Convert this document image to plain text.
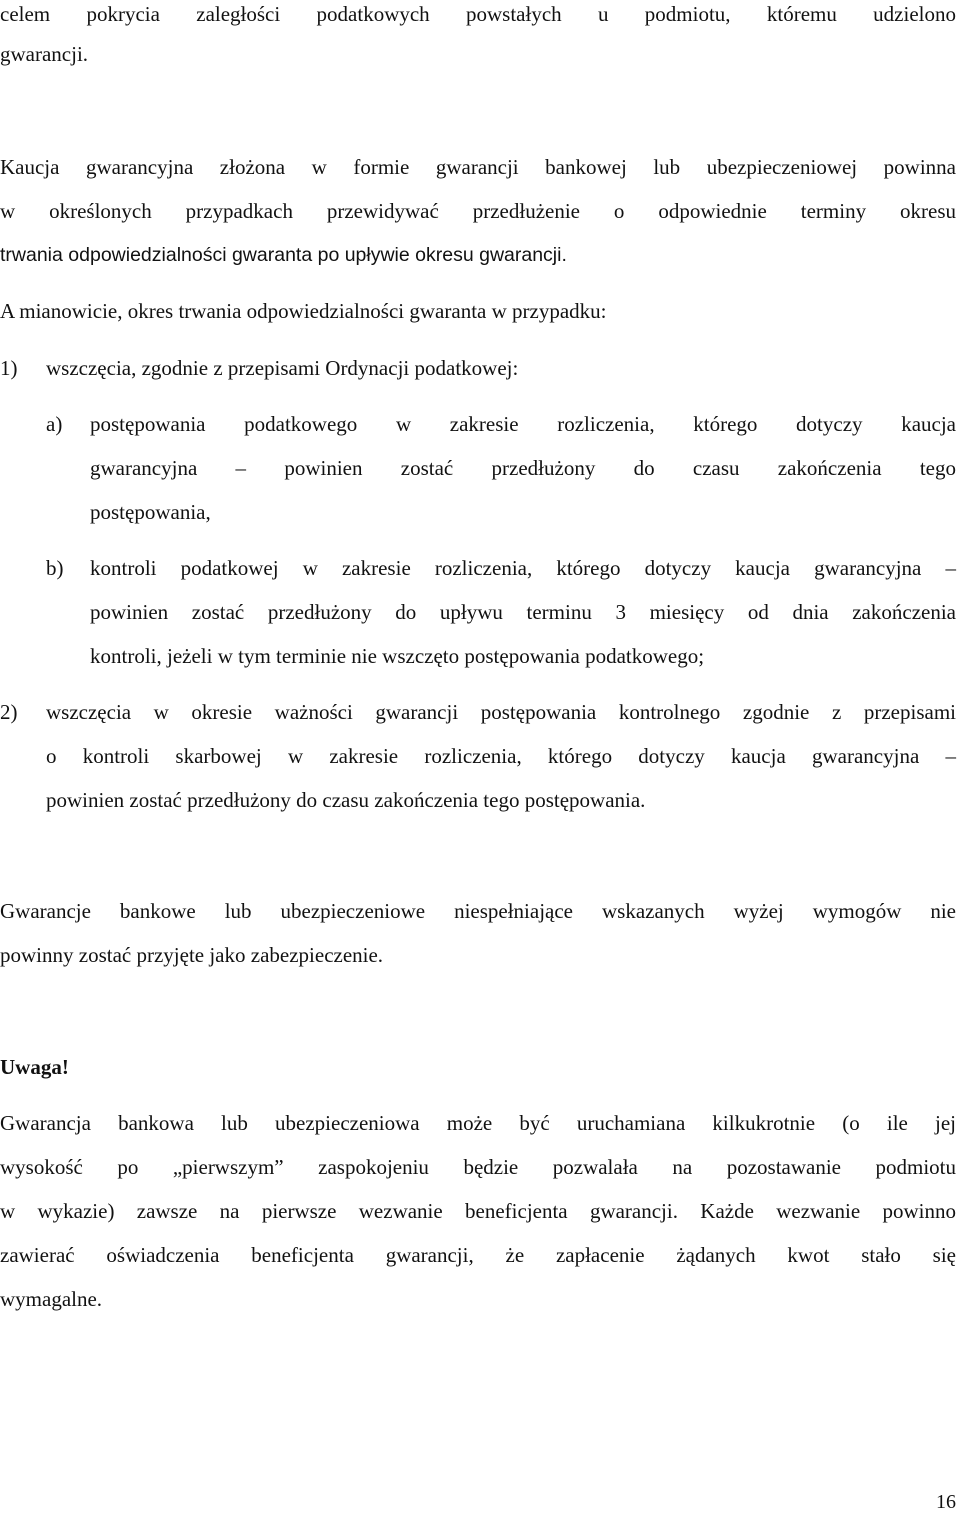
celem pokrycia zaległości podatkowych powstałych u podmiotu, któremu udzielono
gwarancji.
Kaucja gwarancyjna złożona w formie gwarancji bankowej lub ubezpieczeniowej powinna
w określonych przypadkach przewidywać przedłużenie o odpowiednie terminy okresu
trwania odpowiedzialności gwaranta po upływie okresu gwarancji.
A mianowicie, okres trwania odpowiedzialności gwaranta w przypadku:
1) wszczęcia, zgodnie z przepisami Ordynacji podatkowej:
a) postępowania podatkowego w zakresie rozliczenia, którego dotyczy kaucja
gwarancyjna – powinien zostać przedłużony do czasu zakończenia tego
postępowania,
b) kontroli podatkowej w zakresie rozliczenia, którego dotyczy kaucja gwarancyjna –
powinien zostać przedłużony do upływu terminu 3 miesięcy od dnia zakończenia
kontroli, jeżeli w tym terminie nie wszczęto postępowania podatkowego;
2) wszczęcia w okresie ważności gwarancji postępowania kontrolnego zgodnie z przepisami
o kontroli skarbowej w zakresie rozliczenia, którego dotyczy kaucja gwarancyjna –
powinien zostać przedłużony do czasu zakończenia tego postępowania.
Gwarancje bankowe lub ubezpieczeniowe niespełniające wskazanych wyżej wymogów nie
powinny zostać przyjęte jako zabezpieczenie.
Uwaga!
Gwarancja bankowa lub ubezpieczeniowa może być uruchamiana kilkukrotnie (o ile jej
wysokość po „pierwszym” zaspokojeniu będzie pozwalała na pozostawanie podmiotu
w wykazie) zawsze na pierwsze wezwanie beneficjenta gwarancji. Każde wezwanie powinno
zawierać oświadczenia beneficjenta gwarancji, że zapłacenie żądanych kwot stało się
wymagalne.
16
